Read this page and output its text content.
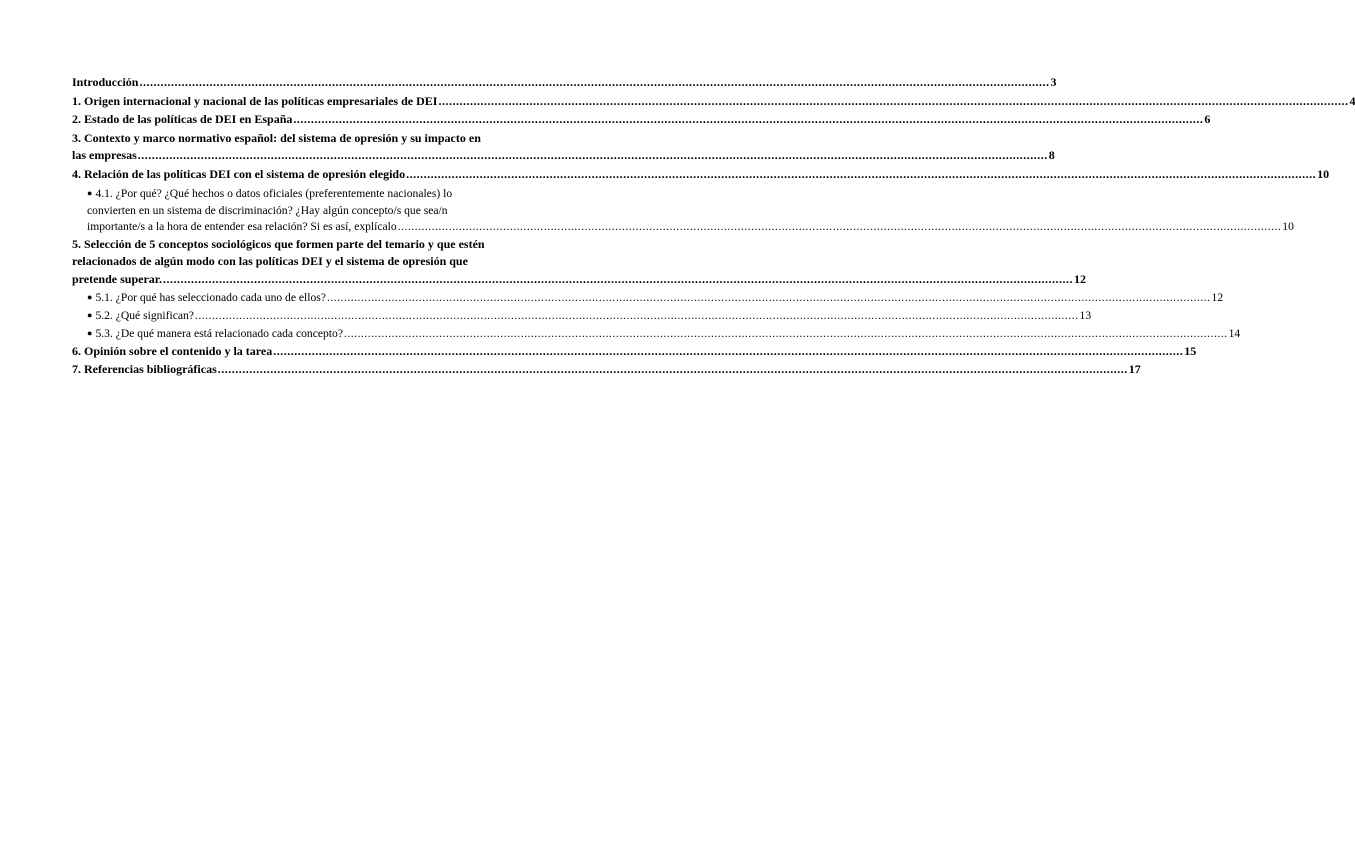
Introducción .................................................................................................................................................................................................................................................................... 3
1. Origen internacional y nacional de las políticas empresariales de DEI .................................................................................................................................................................................................................................................................... 4
2. Estado de las políticas de DEI en España .................................................................................................................................................................................................................................................................... 6
3. Contexto y marco normativo español: del sistema de opresión y su impacto en
las empresas .................................................................................................................................................................................................................................................................... 8
4. Relación de las políticas DEI con el sistema de opresión elegido .................................................................................................................................................................................................................................................................... 10
● 4.1. ¿Por qué? ¿Qué hechos o datos oficiales (preferentemente nacionales) lo
convierten en un sistema de discriminación? ¿Hay algún concepto/s que sea/n
importante/s a la hora de entender esa relación? Si es así, explícalo .................................................................................................................................................................................................................................................................... 10
5. Selección de 5 conceptos sociológicos que formen parte del temario y que estén
relacionados de algún modo con las políticas DEI y el sistema de opresión que
pretende superar. .................................................................................................................................................................................................................................................................... 12
● 5.1. ¿Por qué has seleccionado cada uno de ellos? .................................................................................................................................................................................................................................................................... 12
● 5.2. ¿Qué significan? .................................................................................................................................................................................................................................................................... 13
● 5.3. ¿De qué manera está relacionado cada concepto? .................................................................................................................................................................................................................................................................... 14
6. Opinión sobre el contenido y la tarea .................................................................................................................................................................................................................................................................... 15
7. Referencias bibliográficas .................................................................................................................................................................................................................................................................... 17
